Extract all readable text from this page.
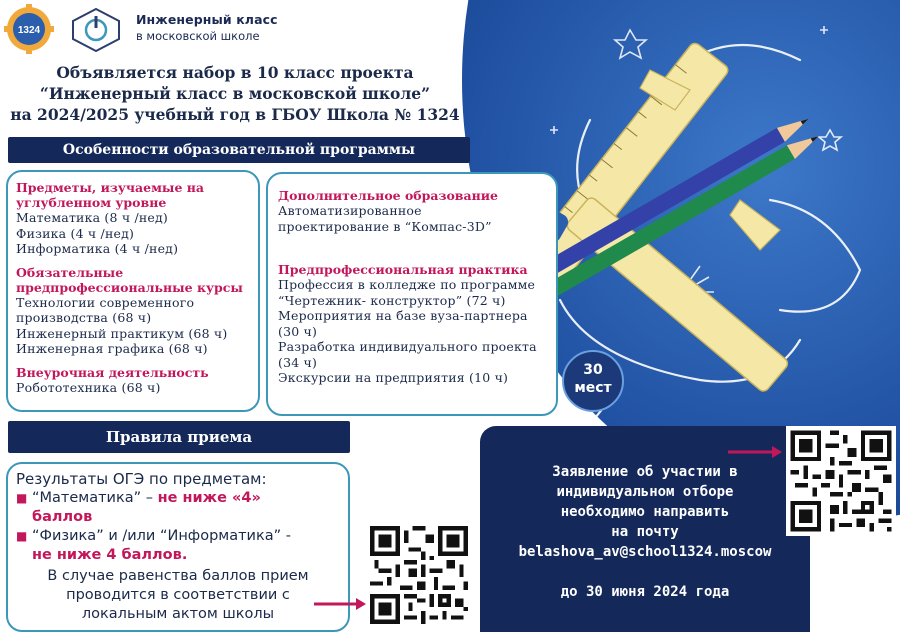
1324
Инженерный класс
в московской школе
Объявляется набор в 10 класс проекта
“Инженерный класс в московской школе”
на 2024/2025 учебный год в ГБОУ Школа № 1324
Особенности образовательной программы
Предметы, изучаемые на
углубленном уровне
Математика (8 ч /нед)
Физика (4 ч /нед)
Информатика (4 ч /нед)
Обязательные
предпрофессиональные курсы
Технологии современного
производства (68 ч)
Инженерный практикум (68 ч)
Инженерная графика (68 ч)
Внеурочная деятельность
Робототехника (68 ч)
Дополнительное образование
Автоматизированное
проектирование в “Компас-3D”
Предпрофессиональная практика
Профессия в колледже по программе
“Чертежник- конструктор” (72 ч)
Мероприятия на базе вуза-партнера
(30 ч)
Разработка индивидуального проекта
(34 ч)
Экскурсии на предприятия (10 ч)	30
мест
Правила приема
Результаты ОГЭ по предметам:
■ “Математика” – не ниже «4»
баллов
■ “Физика” и /или “Информатика” -
не ниже 4 баллов.
В случае равенства баллов прием
проводится в соответствии с
локальным актом школы
Заявление об участии в
индивидуальном отборе
необходимо направить
на почту
belashova_av@school1324.moscow
до 30 июня 2024 года
